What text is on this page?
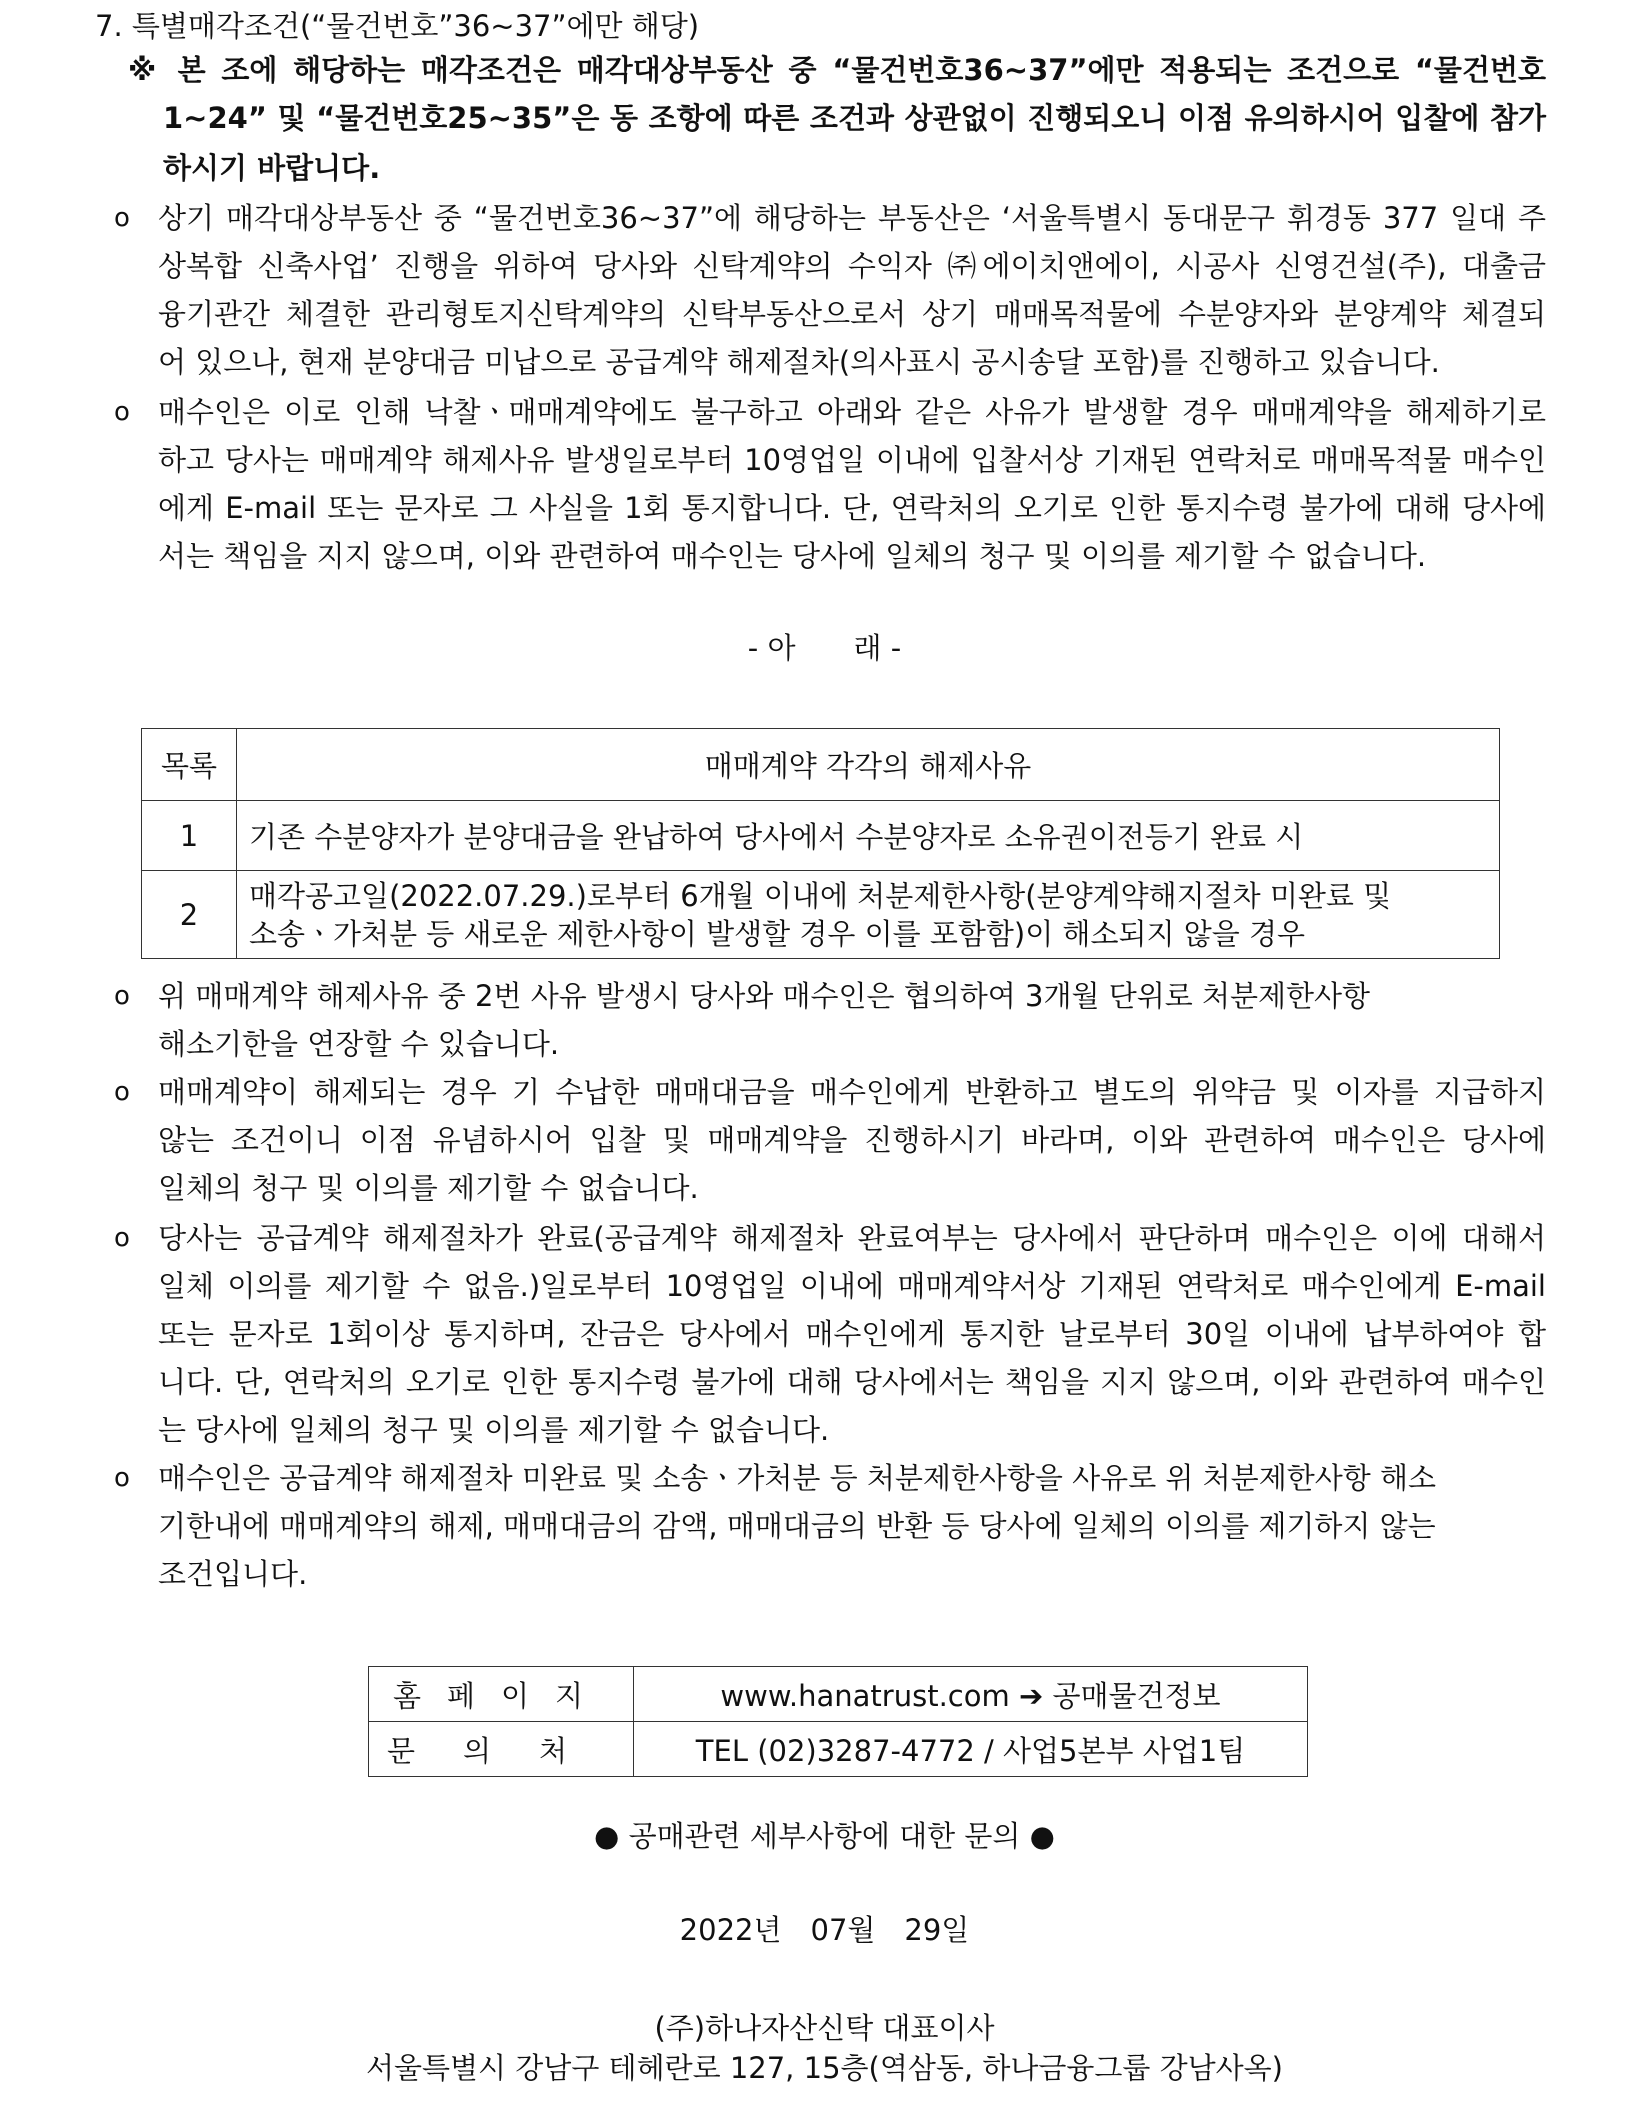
7. 특별매각조건(“물건번호”36~37”에만 해당)
※ 본 조에 해당하는 매각조건은 매각대상부동산 중 “물건번호36~37”에만 적용되는 조건으로 “물건번호
1~24” 및 “물건번호25~35”은 동 조항에 따른 조건과 상관없이 진행되오니 이점 유의하시어 입찰에 참가
하시기 바랍니다.
ο 상기 매각대상부동산 중 “물건번호36~37”에 해당하는 부동산은 ‘서울특별시 동대문구 휘경동 377 일대 주
상복합 신축사업’ 진행을 위하여 당사와 신탁계약의 수익자 ㈜에이치앤에이, 시공사 신영건설(주), 대출금
융기관간 체결한 관리형토지신탁계약의 신탁부동산으로서 상기 매매목적물에 수분양자와 분양계약 체결되
어 있으나, 현재 분양대금 미납으로 공급계약 해제절차(의사표시 공시송달 포함)를 진행하고 있습니다.
ο 매수인은 이로 인해 낙찰ㆍ매매계약에도 불구하고 아래와 같은 사유가 발생할 경우 매매계약을 해제하기로
하고 당사는 매매계약 해제사유 발생일로부터 10영업일 이내에 입찰서상 기재된 연락처로 매매목적물 매수인
에게 E-mail 또는 문자로 그 사실을 1회 통지합니다. 단, 연락처의 오기로 인한 통지수령 불가에 대해 당사에
서는 책임을 지지 않으며, 이와 관련하여 매수인는 당사에 일체의 청구 및 이의를 제기할 수 없습니다.
- 아　　래 -
목록	매매계약 각각의 해제사유
1	기존 수분양자가 분양대금을 완납하여 당사에서 수분양자로 소유권이전등기 완료 시

2	매각공고일(2022.07.29.)로부터 6개월 이내에 처분제한사항(분양계약해지절차 미완료 및
소송ㆍ가처분 등 새로운 제한사항이 발생할 경우 이를 포함함)이 해소되지 않을 경우
ο 위 매매계약 해제사유 중 2번 사유 발생시 당사와 매수인은 협의하여 3개월 단위로 처분제한사항
해소기한을 연장할 수 있습니다.
ο 매매계약이 해제되는 경우 기 수납한 매매대금을 매수인에게 반환하고 별도의 위약금 및 이자를 지급하지
않는 조건이니 이점 유념하시어 입찰 및 매매계약을 진행하시기 바라며, 이와 관련하여 매수인은 당사에
일체의 청구 및 이의를 제기할 수 없습니다.
ο 당사는 공급계약 해제절차가 완료(공급계약 해제절차 완료여부는 당사에서 판단하며 매수인은 이에 대해서
일체 이의를 제기할 수 없음.)일로부터 10영업일 이내에 매매계약서상 기재된 연락처로 매수인에게 E-mail
또는 문자로 1회이상 통지하며, 잔금은 당사에서 매수인에게 통지한 날로부터 30일 이내에 납부하여야 합
니다. 단, 연락처의 오기로 인한 통지수령 불가에 대해 당사에서는 책임을 지지 않으며, 이와 관련하여 매수인
는 당사에 일체의 청구 및 이의를 제기할 수 없습니다.
ο 매수인은 공급계약 해제절차 미완료 및 소송ㆍ가처분 등 처분제한사항을 사유로 위 처분제한사항 해소
기한내에 매매계약의 해제, 매매대금의 감액, 매매대금의 반환 등 당사에 일체의 이의를 제기하지 않는
조건입니다.
홈페이지	www.hanatrust.com ➔ 공매물건정보
문의처	TEL (02)3287-4772 / 사업5본부 사업1팀
● 공매관련 세부사항에 대한 문의 ●
2022년　07월　29일
(주)하나자산신탁 대표이사
서울특별시 강남구 테헤란로 127, 15층(역삼동, 하나금융그룹 강남사옥)
